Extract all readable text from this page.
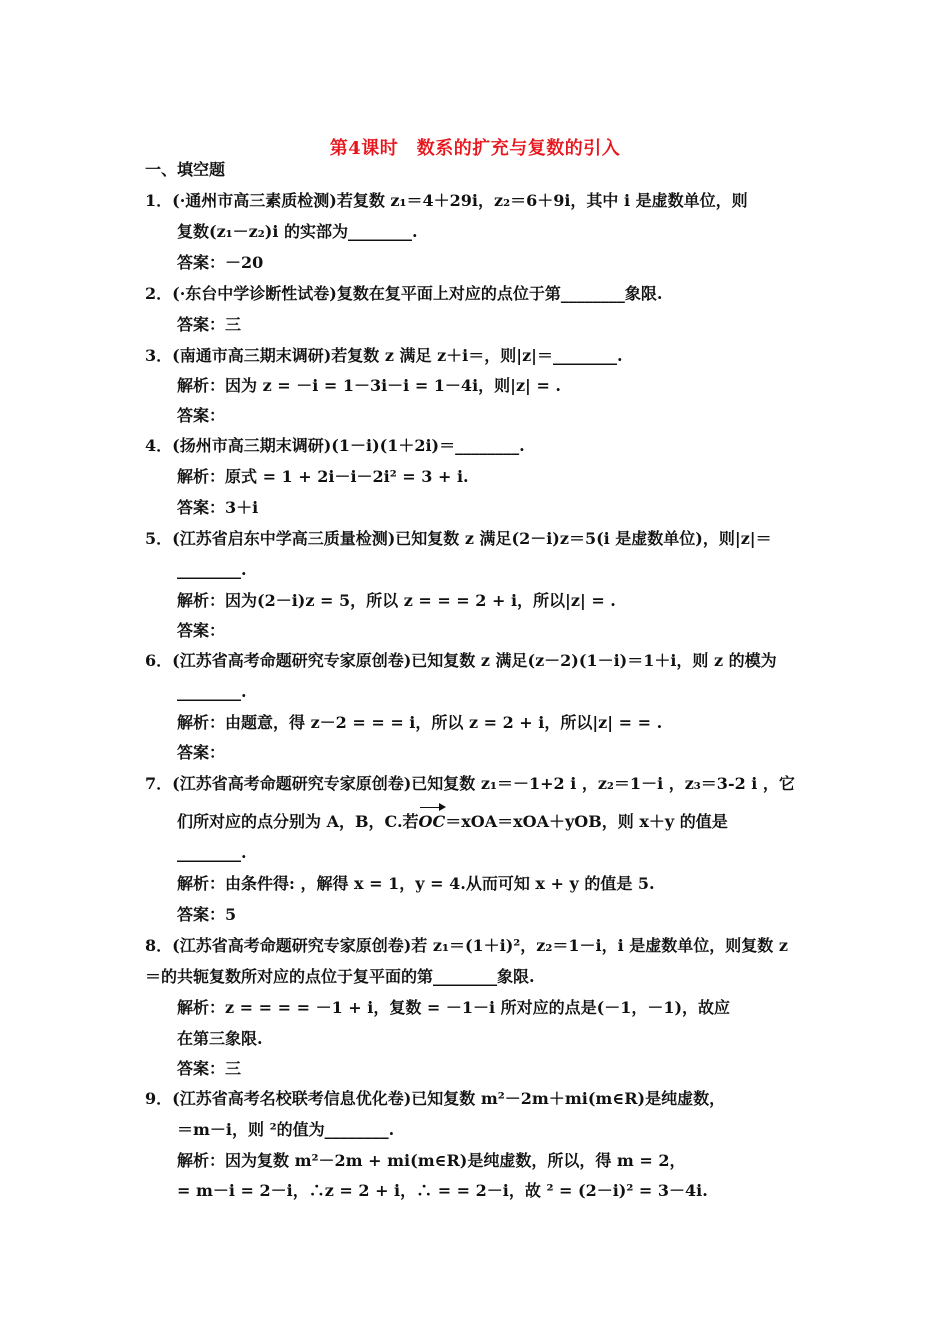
第4课时　数系的扩充与复数的引入
一、填空题
1．(·通州市高三素质检测)若复数 z₁＝4＋29i，z₂＝6＋9i，其中 i 是虚数单位，则
复数(z₁－z₂)i 的实部为________.
答案：－20
2．(·东台中学诊断性试卷)复数在复平面上对应的点位于第________象限.
答案：三
3．(南通市高三期末调研)若复数 z 满足 z＋i＝，则|z|＝________.
解析：因为 z = －i = 1－3i－i = 1－4i，则|z| = .
答案：
4．(扬州市高三期末调研)(1－i)(1＋2i)＝________.
解析：原式 = 1 + 2i－i－2i² = 3 + i.
答案：3＋i
5．(江苏省启东中学高三质量检测)已知复数 z 满足(2－i)z＝5(i 是虚数单位)，则|z|＝
________.
解析：因为(2－i)z = 5，所以 z = = = 2 + i，所以|z| = .
答案：
6．(江苏省高考命题研究专家原创卷)已知复数 z 满足(z－2)(1－i)＝1＋i，则 z 的模为
________.
解析：由题意，得 z－2 = = = i，所以 z = 2 + i，所以|z| = = .
答案：
7．(江苏省高考命题研究专家原创卷)已知复数 z₁＝－1+2 i ，z₂＝1－i ，z₃＝3-2 i ，它
们所对应的点分别为 A，B，C.若OC＝xOA＝xOA＋yOB，则 x＋y 的值是
________.
解析：由条件得: ，解得 x = 1，y = 4.从而可知 x + y 的值是 5.
答案：5
8．(江苏省高考命题研究专家原创卷)若 z₁＝(1＋i)²，z₂＝1－i，i 是虚数单位，则复数 z
＝的共轭复数所对应的点位于复平面的第________象限.
解析：z = = = = －1 + i，复数 = －1－i 所对应的点是(－1，－1)，故应
在第三象限.
答案：三
9．(江苏省高考名校联考信息优化卷)已知复数 m²－2m＋mi(m∈R)是纯虚数，
＝m－i，则 ²的值为________.
解析：因为复数 m²－2m + mi(m∈R)是纯虚数，所以，得 m = 2，
= m－i = 2－i，∴z = 2 + i，∴ = = 2－i，故 ² = (2－i)² = 3－4i.
